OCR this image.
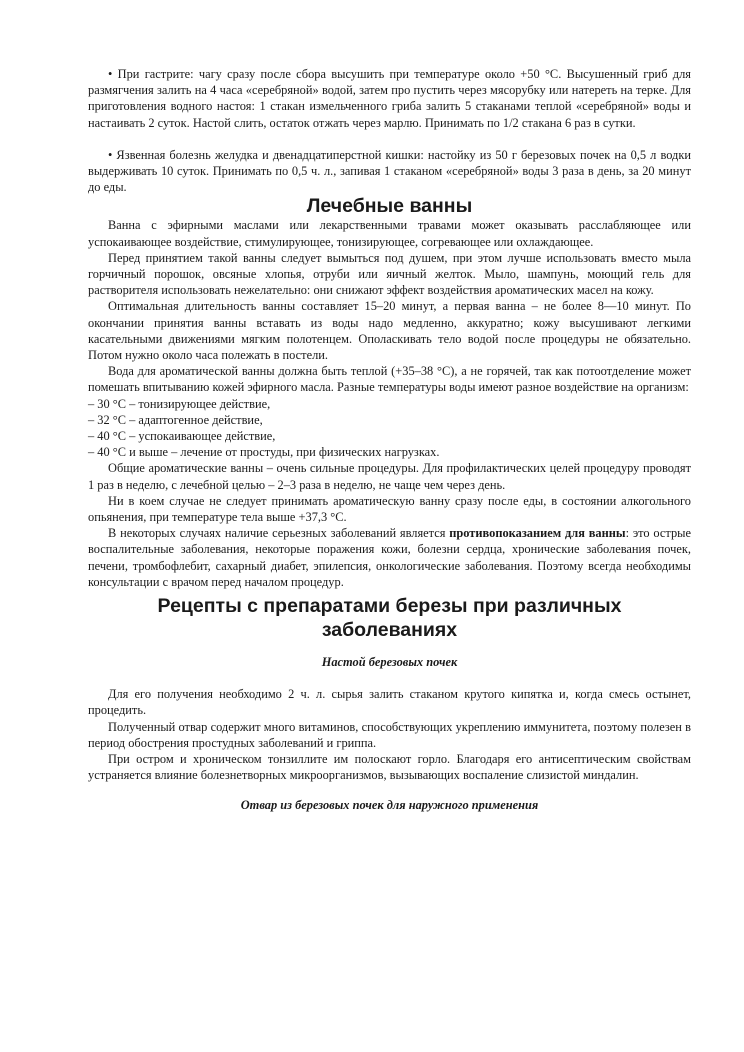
• При гастрите: чагу сразу после сбора высушить при температуре около +50 °С. Высушенный гриб для размягчения залить на 4 часа «серебряной» водой, затем про пустить через мясорубку или натереть на терке. Для приготовления водного настоя: 1 стакан измельченного гриба залить 5 стаканами теплой «серебряной» воды и настаивать 2 суток. Настой слить, остаток отжать через марлю. Принимать по 1/2 стакана 6 раз в сутки.

• Язвенная болезнь желудка и двенадцатиперстной кишки: настойку из 50 г березовых почек на 0,5 л водки выдерживать 10 суток. Принимать по 0,5 ч. л., запивая 1 стаканом «серебряной» воды 3 раза в день, за 20 минут до еды.

Лечебные ванны

Ванна с эфирными маслами или лекарственными травами может оказывать расслабляющее или успокаивающее воздействие, стимулирующее, тонизирующее, согревающее или охлаждающее.

Перед принятием такой ванны следует вымыться под душем, при этом лучше использовать вместо мыла горчичный порошок, овсяные хлопья, отруби или яичный желток. Мыло, шампунь, моющий гель для растворителя использовать нежелательно: они снижают эффект воздействия ароматических масел на кожу.

Оптимальная длительность ванны составляет 15–20 минут, а первая ванна – не более 8—10 минут. По окончании принятия ванны вставать из воды надо медленно, аккуратно; кожу высушивают легкими касательными движениями мягким полотенцем. Ополаскивать тело водой после процедуры не обязательно. Потом нужно около часа полежать в постели.

Вода для ароматической ванны должна быть теплой (+35–38 °С), а не горячей, так как потоотделение может помешать впитыванию кожей эфирного масла. Разные температуры воды имеют разное воздействие на организм:

– 30 °С – тонизирующее действие,

– 32 °С – адаптогенное действие,

– 40 °С – успокаивающее действие,

– 40 °С и выше – лечение от простуды, при физических нагрузках.

Общие ароматические ванны – очень сильные процедуры. Для профилактических целей процедуру проводят 1 раз в неделю, с лечебной целью – 2–3 раза в неделю, не чаще чем через день.

Ни в коем случае не следует принимать ароматическую ванну сразу после еды, в состоянии алкогольного опьянения, при температуре тела выше +37,3 °С.

В некоторых случаях наличие серьезных заболеваний является противопоказанием для ванны: это острые воспалительные заболевания, некоторые поражения кожи, болезни сердца, хронические заболевания почек, печени, тромбофлебит, сахарный диабет, эпилепсия, онкологические заболевания. Поэтому всегда необходимы консультации с врачом перед началом процедур.

Рецепты с препаратами березы при различных
заболеваниях

Настой березовых почек

Для его получения необходимо 2 ч. л. сырья залить стаканом крутого кипятка и, когда смесь остынет, процедить.

Полученный отвар содержит много витаминов, способствующих укреплению иммунитета, поэтому полезен в период обострения простудных заболеваний и гриппа.

При остром и хроническом тонзиллите им полоскают горло. Благодаря его антисептическим свойствам устраняется влияние болезнетворных микроорганизмов, вызывающих воспаление слизистой миндалин.

Отвар из березовых почек для наружного применения
